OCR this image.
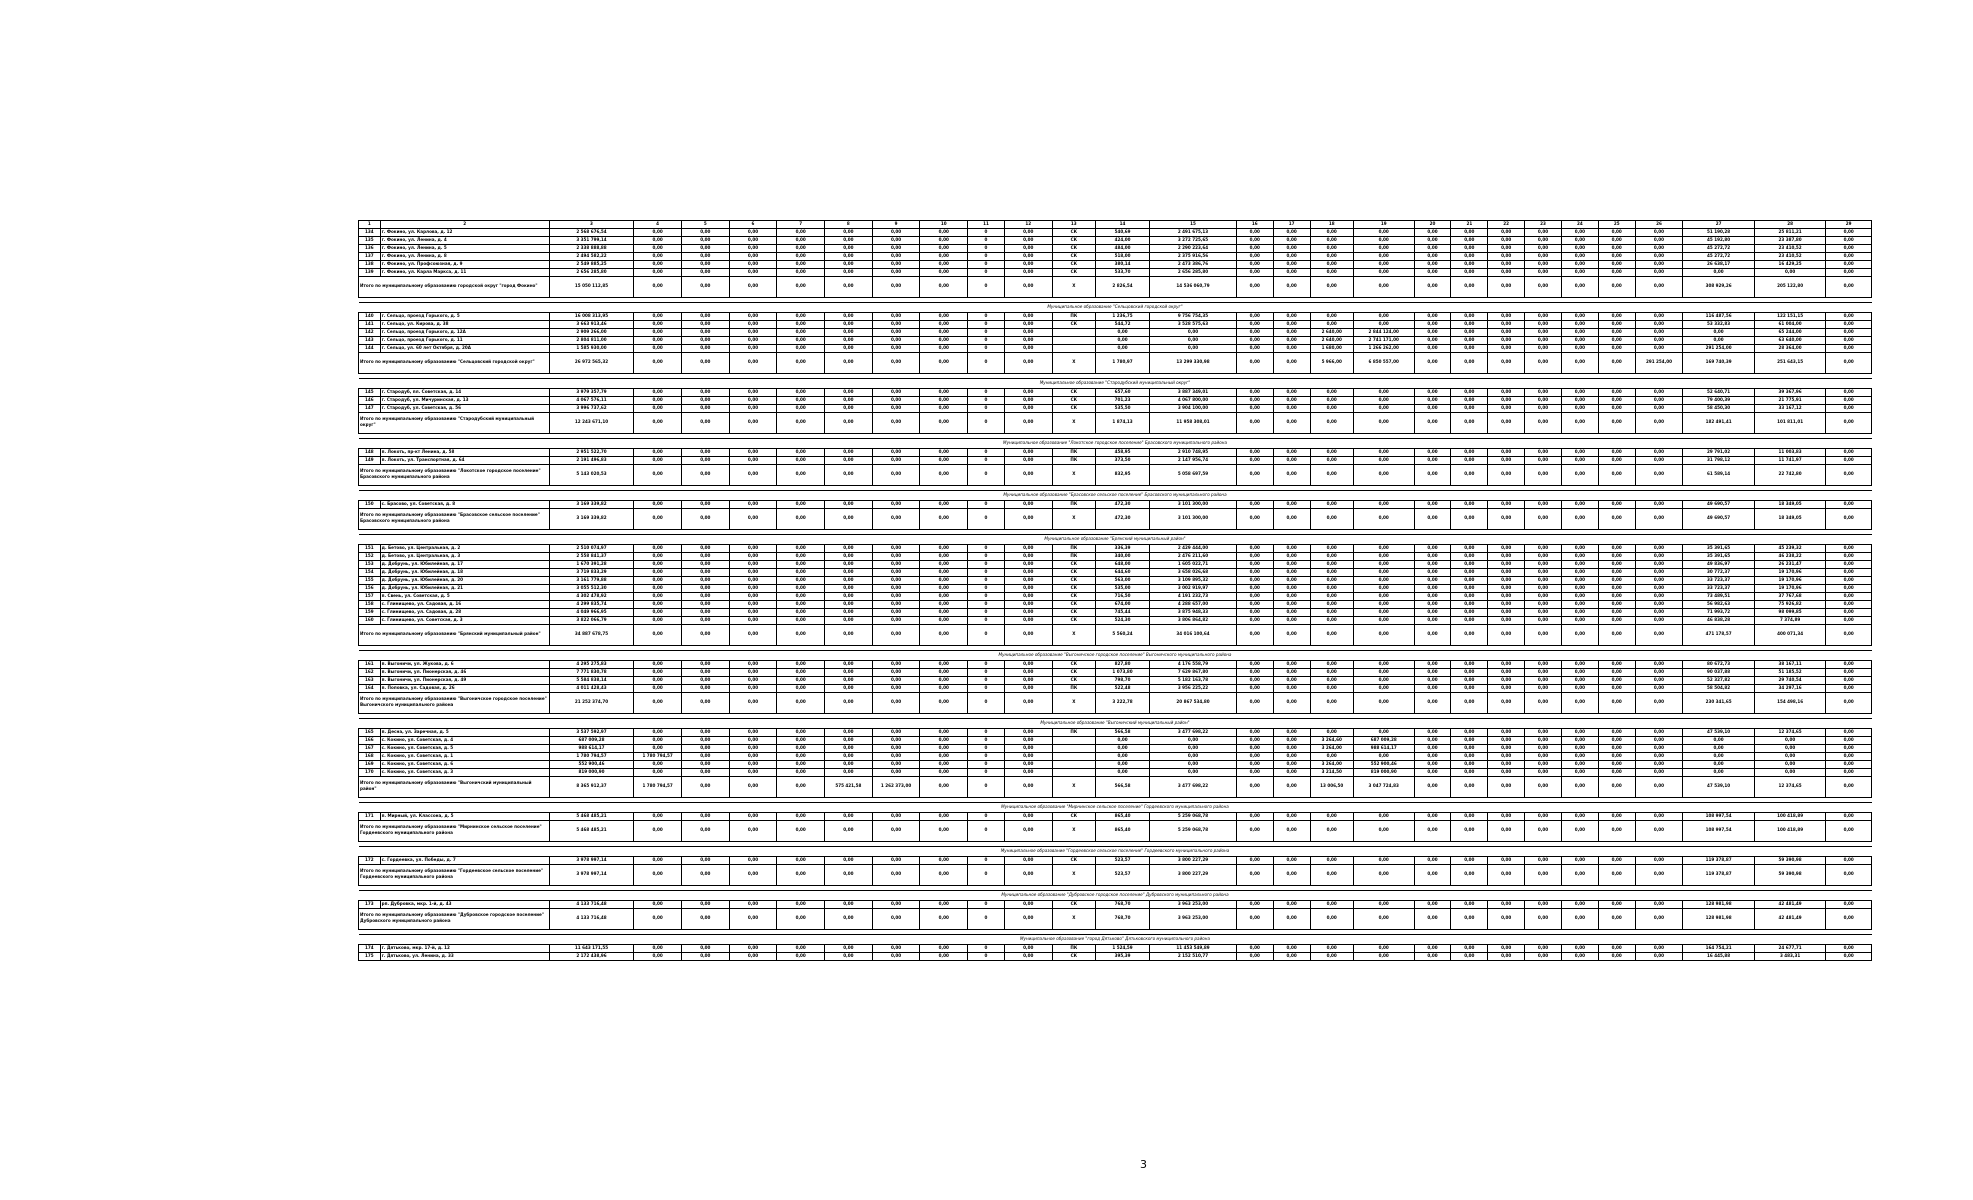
1	2	3	4	5	6	7	8	9	10	11	12	13	14	15	16	17	18	19	20	21	22	23	24	25	26	27	28	29
134	г. Фокино, ул. Карлова, д. 12	2 568 676,54	0,00	0,00	0,00	0,00	0,00	0,00	0,00	0	0,00	СК	540,69	2 491 675,13	0,00	0,00	0,00	0,00	0,00	0,00	0,00	0,00	0,00	0,00	0,00	51 190,28	25 811,21	0,00
135	г. Фокино, ул. Ленина, д. 4	3 351 799,14	0,00	0,00	0,00	0,00	0,00	0,00	0,00	0	0,00	СК	424,00	3 272 725,65	0,00	0,00	0,00	0,00	0,00	0,00	0,00	0,00	0,00	0,00	0,00	45 192,80	23 387,80	0,00
136	г. Фокино, ул. Ленина, д. 5	2 338 888,88	0,00	0,00	0,00	0,00	0,00	0,00	0,00	0	0,00	СК	484,00	2 290 223,64	0,00	0,00	0,00	0,00	0,00	0,00	0,00	0,00	0,00	0,00	0,00	45 272,72	23 410,52	0,00
137	г. Фокино, ул. Ленина, д. 8	2 494 582,22	0,00	0,00	0,00	0,00	0,00	0,00	0,00	0	0,00	СК	518,00	2 375 916,56	0,00	0,00	0,00	0,00	0,00	0,00	0,00	0,00	0,00	0,00	0,00	45 272,72	23 410,52	0,00
138	г. Фокино, ул. Профсоюзная, д. 9	2 549 885,25	0,00	0,00	0,00	0,00	0,00	0,00	0,00	0	0,00	СК	380,14	2 473 386,76	0,00	0,00	0,00	0,00	0,00	0,00	0,00	0,00	0,00	0,00	0,00	26 638,17	16 429,25	0,00
139	г. Фокино, ул. Карла Маркса, д. 11	2 656 285,80	0,00	0,00	0,00	0,00	0,00	0,00	0,00	0	0,00	СК	533,70	2 656 285,80	0,00	0,00	0,00	0,00	0,00	0,00	0,00	0,00	0,00	0,00	0,00	0,00	0,00	0,00
Итого по муниципальному образованию городской округ "город Фокино"		15 050 112,85	0,00	0,00	0,00	0,00	0,00	0,00	0,00	0	0,00	X	2 826,54	14 536 060,79	0,00	0,00	0,00	0,00	0,00	0,00	0,00	0,00	0,00	0,00	0,00	308 929,26	205 122,80	0,00

Муниципальное образование "Сельцовский городской округ"																												
140	г. Сельцо, проезд Горького, д. 5	16 008 313,95	0,00	0,00	0,00	0,00	0,00	0,00	0,00	0	0,00	ПК	1 236,75	9 756 754,35	0,00	0,00	0,00	0,00	0,00	0,00	0,00	0,00	0,00	0,00	0,00	116 487,56	122 151,15	0,00
141	г. Сельцо, ул. Кирова, д. 38	3 663 913,46	0,00	0,00	0,00	0,00	0,00	0,00	0,00	0	0,00	СК	544,72	3 528 575,63	0,00	0,00	0,00	0,00	0,00	0,00	0,00	0,00	0,00	0,00	0,00	53 332,83	61 004,00	0,00
142	г. Сельцо, проезд Горького, д. 12А	2 909 266,00	0,00	0,00	0,00	0,00	0,00	0,00	0,00	0	0,00		0,00	0,00	0,00	0,00	2 640,00	2 844 124,00	0,00	0,00	0,00	0,00	0,00	0,00	0,00	0,00	65 244,00	0,00
143	г. Сельцо, проезд Горького, д. 11	2 804 811,00	0,00	0,00	0,00	0,00	0,00	0,00	0,00	0	0,00		0,00	0,00	0,00	0,00	2 640,00	2 741 171,00	0,00	0,00	0,00	0,00	0,00	0,00	0,00	0,00	63 640,00	0,00
144	г. Сельцо, ул. 60 лет Октября, д. 20А	1 585 930,00	0,00	0,00	0,00	0,00	0,00	0,00	0,00	0	0,00		0,00	0,00	0,00	0,00	1 680,00	1 266 262,00	0,00	0,00	0,00	0,00	0,00	0,00	0,00	291 254,00	28 364,00	0,00
Итого по муниципальному образованию "Сельцовский городской округ"		26 972 565,32	0,00	0,00	0,00	0,00	0,00	0,00	0,00	0	0,00	X	1 780,97	13 299 330,98	0,00	0,00	5 966,00	6 850 557,00	0,00	0,00	0,00	0,00	0,00	0,00	291 254,00	169 740,39	251 643,15	0,00

Муниципальное образование "Стародубский муниципальный округ"																												
145	г. Стародуб, пл. Советская, д. 14	3 979 357,79	0,00	0,00	0,00	0,00	0,00	0,00	0,00	0	0,00	СК	657,60	3 887 349,01	0,00	0,00	0,00	0,00	0,00	0,00	0,00	0,00	0,00	0,00	0,00	52 640,71	39 367,96	0,00
146	г. Стародуб, ул. Мичуринская, д. 13	4 067 576,11	0,00	0,00	0,00	0,00	0,00	0,00	0,00	0	0,00	СК	701,23	4 067 800,00	0,00	0,00	0,00	0,00	0,00	0,00	0,00	0,00	0,00	0,00	0,00	79 400,39	21 775,91	0,00
147	г. Стародуб, ул. Советская, д. 56	3 996 737,62	0,00	0,00	0,00	0,00	0,00	0,00	0,00	0	0,00	СК	535,50	3 904 100,00	0,00	0,00	0,00	0,00	0,00	0,00	0,00	0,00	0,00	0,00	0,00	58 450,30	33 167,12	0,00
Итого по муниципальному образованию "Стародубский муниципальный округ"		12 243 671,10	0,00	0,00	0,00	0,00	0,00	0,00	0,00	0	0,00	X	1 874,13	11 958 308,01	0,00	0,00	0,00	0,00	0,00	0,00	0,00	0,00	0,00	0,00	0,00	182 491,41	101 811,01	0,00

Муниципальное образование "Локотское городское поселение" Брасовского муниципального района																												
148	п. Локоть, пр-кт Ленина, д. 58	2 951 522,70	0,00	0,00	0,00	0,00	0,00	0,00	0,00	0	0,00	ПК	458,95	2 910 748,95	0,00	0,00	0,00	0,00	0,00	0,00	0,00	0,00	0,00	0,00	0,00	29 791,02	11 003,83	0,00
149	п. Локоть, ул. Транспортная, д. 64	2 191 496,83	0,00	0,00	0,00	0,00	0,00	0,00	0,00	0	0,00	ПК	373,50	2 147 956,74	0,00	0,00	0,00	0,00	0,00	0,00	0,00	0,00	0,00	0,00	0,00	31 798,12	11 741,97	0,00
Итого по муниципальному образованию "Локотское городское поселение" Брасовского муниципального района		5 143 020,53	0,00	0,00	0,00	0,00	0,00	0,00	0,00	0	0,00	X	832,95	5 058 697,59	0,00	0,00	0,00	0,00	0,00	0,00	0,00	0,00	0,00	0,00	0,00	61 589,14	22 742,80	0,00

Муниципальное образование "Брасовское сельское поселение" Брасовского муниципального района																												
150	с. Брасово, ул. Советская, д. 8	3 169 339,82	0,00	0,00	0,00	0,00	0,00	0,00	0,00	0	0,00	ПК	472,30	3 101 300,00	0,00	0,00	0,00	0,00	0,00	0,00	0,00	0,00	0,00	0,00	0,00	49 690,57	18 349,05	0,00
Итого по муниципальному образованию "Брасовское сельское поселение" Брасовского муниципального района		3 169 339,82	0,00	0,00	0,00	0,00	0,00	0,00	0,00	0	0,00	X	472,30	3 101 300,00	0,00	0,00	0,00	0,00	0,00	0,00	0,00	0,00	0,00	0,00	0,00	49 690,57	18 349,05	0,00

Муниципальное образование "Брянский муниципальный район"																												
151	д. Бетово, ул. Центральная, д. 2	2 510 074,97	0,00	0,00	0,00	0,00	0,00	0,00	0,00	0	0,00	ПК	336,39	2 429 444,00	0,00	0,00	0,00	0,00	0,00	0,00	0,00	0,00	0,00	0,00	0,00	35 391,65	45 239,32	0,00
152	д. Бетово, ул. Центральная, д. 3	2 558 841,37	0,00	0,00	0,00	0,00	0,00	0,00	0,00	0	0,00	ПК	340,00	2 476 211,60	0,00	0,00	0,00	0,00	0,00	0,00	0,00	0,00	0,00	0,00	0,00	35 391,65	46 238,22	0,00
153	д. Добрунь, ул. Юбилейная, д. 17	1 670 391,28	0,00	0,00	0,00	0,00	0,00	0,00	0,00	0	0,00	СК	648,00	1 605 022,71	0,00	0,00	0,00	0,00	0,00	0,00	0,00	0,00	0,00	0,00	0,00	49 836,97	26 231,47	0,00
154	д. Добрунь, ул. Юбилейная, д. 18	3 719 833,29	0,00	0,00	0,00	0,00	0,00	0,00	0,00	0	0,00	СК	644,60	3 658 026,68	0,00	0,00	0,00	0,00	0,00	0,00	0,00	0,00	0,00	0,00	0,00	30 772,37	19 170,96	0,00
155	д. Добрунь, ул. Юбилейная, д. 20	3 161 779,88	0,00	0,00	0,00	0,00	0,00	0,00	0,00	0	0,00	СК	563,00	3 109 895,32	0,00	0,00	0,00	0,00	0,00	0,00	0,00	0,00	0,00	0,00	0,00	33 723,37	19 170,96	0,00
156	д. Добрунь, ул. Юбилейная, д. 21	3 055 512,30	0,00	0,00	0,00	0,00	0,00	0,00	0,00	0	0,00	СК	535,00	3 002 919,97	0,00	0,00	0,00	0,00	0,00	0,00	0,00	0,00	0,00	0,00	0,00	33 723,37	19 170,96	0,00
157	п. Свень, ул. Советская, д. 5	4 302 478,92	0,00	0,00	0,00	0,00	0,00	0,00	0,00	0	0,00	СК	716,50	4 191 232,73	0,00	0,00	0,00	0,00	0,00	0,00	0,00	0,00	0,00	0,00	0,00	73 489,51	37 767,68	0,00
158	с. Глинищево, ул. Садовая, д. 16	4 299 835,74	0,00	0,00	0,00	0,00	0,00	0,00	0,00	0	0,00	СК	674,00	4 288 657,00	0,00	0,00	0,00	0,00	0,00	0,00	0,00	0,00	0,00	0,00	0,00	56 982,63	75 926,82	0,00
159	с. Глинищево, ул. Садовая, д. 28	4 049 966,95	0,00	0,00	0,00	0,00	0,00	0,00	0,00	0	0,00	СК	745,44	3 875 948,33	0,00	0,00	0,00	0,00	0,00	0,00	0,00	0,00	0,00	0,00	0,00	71 993,72	98 099,85	0,00
160	с. Глинищево, ул. Советская, д. 3	3 822 066,79	0,00	0,00	0,00	0,00	0,00	0,00	0,00	0	0,00	СК	524,30	3 806 864,82	0,00	0,00	0,00	0,00	0,00	0,00	0,00	0,00	0,00	0,00	0,00	46 838,28	7 374,89	0,00
Итого по муниципальному образованию "Брянский муниципальный район"		34 887 678,75	0,00	0,00	0,00	0,00	0,00	0,00	0,00	0	0,00	X	5 560,24	34 016 100,64	0,00	0,00	0,00	0,00	0,00	0,00	0,00	0,00	0,00	0,00	0,00	471 178,57	400 071,34	0,00

Муниципальное образование "Выгоничское городское поселение" Выгоничского муниципального района																												
161	п. Выгоничи, ул. Жукова, д. 6	4 295 275,83	0,00	0,00	0,00	0,00	0,00	0,00	0,00	0	0,00	СК	827,80	4 176 558,79	0,00	0,00	0,00	0,00	0,00	0,00	0,00	0,00	0,00	0,00	0,00	80 672,73	38 167,11	0,00
162	п. Выгоничи, ул. Пионерская, д. 46	7 771 830,78	0,00	0,00	0,00	0,00	0,00	0,00	0,00	0	0,00	СК	1 073,80	7 629 867,80	0,00	0,00	0,00	0,00	0,00	0,00	0,00	0,00	0,00	0,00	0,00	90 037,88	51 185,52	0,00
163	п. Выгоничи, ул. Пионерская, д. 49	5 584 838,14	0,00	0,00	0,00	0,00	0,00	0,00	0,00	0	0,00	СК	798,70	5 182 163,78	0,00	0,00	0,00	0,00	0,00	0,00	0,00	0,00	0,00	0,00	0,00	52 327,82	29 740,54	0,00
164	п. Поповка, ул. Садовая, д. 26	4 011 428,43	0,00	0,00	0,00	0,00	0,00	0,00	0,00	0	0,00	ПК	522,48	3 956 225,22	0,00	0,00	0,00	0,00	0,00	0,00	0,00	0,00	0,00	0,00	0,00	58 504,82	34 297,16	0,00
Итого по муниципальному образованию "Выгоничское городское поселение" Выгоничского муниципального района		21 252 374,70	0,00	0,00	0,00	0,00	0,00	0,00	0,00	0	0,00	X	3 222,78	20 867 534,80	0,00	0,00	0,00	0,00	0,00	0,00	0,00	0,00	0,00	0,00	0,00	230 341,65	154 498,16	0,00

Муниципальное образование "Выгоничский муниципальный район"																												
165	п. Десна, ул. Заречная, д. 5	3 537 592,97	0,00	0,00	0,00	0,00	0,00	0,00	0,00	0	0,00	ПК	566,58	3 477 698,22	0,00	0,00	0,00	0,00	0,00	0,00	0,00	0,00	0,00	0,00	0,00	47 539,10	12 374,65	0,00
166	с. Кокино, ул. Советская, д. 4	687 009,28	0,00	0,00	0,00	0,00	0,00	0,00	0,00	0	0,00		0,00	0,00	0,00	0,00	3 264,60	687 009,28	0,00	0,00	0,00	0,00	0,00	0,00	0,00	0,00	0,00	0,00
167	с. Кокино, ул. Советская, д. 5	988 614,17	0,00	0,00	0,00	0,00	0,00	0,00	0,00	0	0,00		0,00	0,00	0,00	0,00	3 264,00	988 614,17	0,00	0,00	0,00	0,00	0,00	0,00	0,00	0,00	0,00	0,00
168	с. Кокино, ул. Советская, д. 1	1 780 794,57	1 780 794,57	0,00	0,00	0,00	0,00	0,00	0,00	0	0,00		0,00	0,00	0,00	0,00	0,00	0,00	0,00	0,00	0,00	0,00	0,00	0,00	0,00	0,00	0,00	0,00
169	с. Кокино, ул. Советская, д. 6	552 900,46	0,00	0,00	0,00	0,00	0,00	0,00	0,00	0	0,00		0,00	0,00	0,00	0,00	3 264,00	552 900,46	0,00	0,00	0,00	0,00	0,00	0,00	0,00	0,00	0,00	0,00
170	с. Кокино, ул. Советская, д. 3	819 000,90	0,00	0,00	0,00	0,00	0,00	0,00	0,00	0	0,00		0,00	0,00	0,00	0,00	3 214,50	819 000,90	0,00	0,00	0,00	0,00	0,00	0,00	0,00	0,00	0,00	0,00
Итого по муниципальному образованию "Выгоничский муниципальный район"		8 365 912,37	1 780 794,57	0,00	0,00	0,00	575 421,58	1 262 373,00	0,00	0	0,00	X	566,58	3 477 698,22	0,00	0,00	13 006,50	3 047 724,83	0,00	0,00	0,00	0,00	0,00	0,00	0,00	47 539,10	12 374,65	0,00

Муниципальное образование "Мирнинское сельское поселение" Гордеевского муниципального района																												
171	п. Мирный, ул. Классона, д. 5	5 468 485,21	0,00	0,00	0,00	0,00	0,00	0,00	0,00	0	0,00	СК	865,40	5 259 068,78	0,00	0,00	0,00	0,00	0,00	0,00	0,00	0,00	0,00	0,00	0,00	108 997,54	100 418,89	0,00
Итого по муниципальному образованию "Мирнинское сельское поселение" Гордеевского муниципального района		5 468 485,21	0,00	0,00	0,00	0,00	0,00	0,00	0,00	0	0,00	X	865,40	5 259 068,78	0,00	0,00	0,00	0,00	0,00	0,00	0,00	0,00	0,00	0,00	0,00	108 997,54	100 418,89	0,00

Муниципальное образование "Гордеевское сельское поселение" Гордеевского муниципального района																												
172	с. Гордеевка, ул. Победы, д. 7	3 978 997,14	0,00	0,00	0,00	0,00	0,00	0,00	0,00	0	0,00	СК	523,57	3 800 227,29	0,00	0,00	0,00	0,00	0,00	0,00	0,00	0,00	0,00	0,00	0,00	119 378,87	59 390,98	0,00
Итого по муниципальному образованию "Гордеевское сельское поселение" Гордеевского муниципального района		3 978 997,14	0,00	0,00	0,00	0,00	0,00	0,00	0,00	0	0,00	X	523,57	3 800 227,29	0,00	0,00	0,00	0,00	0,00	0,00	0,00	0,00	0,00	0,00	0,00	119 378,87	59 390,98	0,00

Муниципальное образование "Дубровское городское поселение" Дубровского муниципального района																												
173	рп. Дубровка, мкр. 1-й, д. 43	4 133 716,48	0,00	0,00	0,00	0,00	0,00	0,00	0,00	0	0,00	СК	768,70	3 963 253,00	0,00	0,00	0,00	0,00	0,00	0,00	0,00	0,00	0,00	0,00	0,00	128 981,98	42 481,49	0,00
Итого по муниципальному образованию "Дубровское городское поселение" Дубровского муниципального района		4 133 716,48	0,00	0,00	0,00	0,00	0,00	0,00	0,00	0	0,00	X	768,70	3 963 253,00	0,00	0,00	0,00	0,00	0,00	0,00	0,00	0,00	0,00	0,00	0,00	128 981,98	42 481,49	0,00

Муниципальное образование "город Дятьково" Дятьковского муниципального района																												
174	г. Дятьково, мкр. 17-й, д. 12	11 643 171,55	0,00	0,00	0,00	0,00	0,00	0,00	0,00	0	0,00	ПК	1 524,59	11 453 549,89	0,00	0,00	0,00	0,00	0,00	0,00	0,00	0,00	0,00	0,00	0,00	164 754,21	24 677,71	0,00
175	г. Дятьково, ул. Ленина, д. 33	2 172 438,96	0,00	0,00	0,00	0,00	0,00	0,00	0,00	0	0,00	СК	395,39	2 152 510,77	0,00	0,00	0,00	0,00	0,00	0,00	0,00	0,00	0,00	0,00	0,00	16 445,88	3 483,31	0,00

3
